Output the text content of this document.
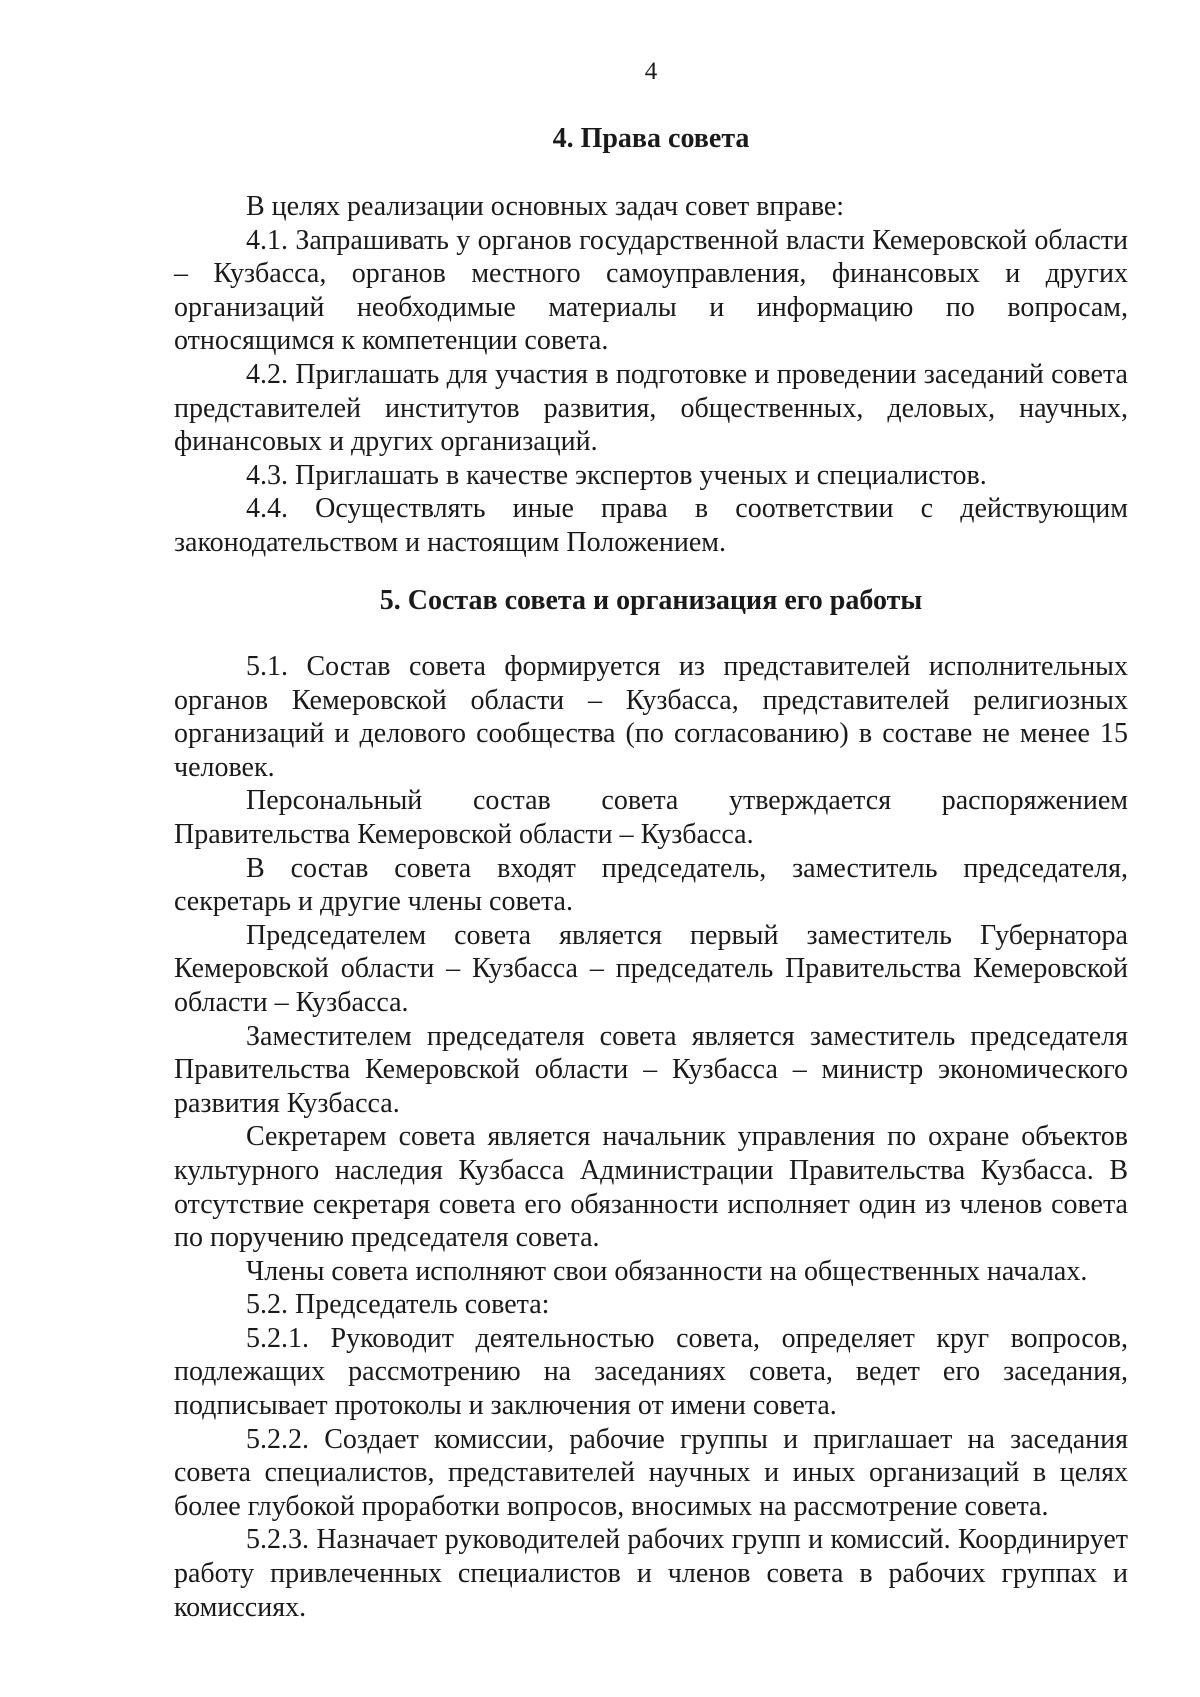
4
4. Права совета

В целях реализации основных задач совет вправе:

4.1. Запрашивать у органов государственной власти Кемеровской области – Кузбасса, органов местного самоуправления, финансовых и других организаций необходимые материалы и информацию по вопросам, относящимся к компетенции совета.

4.2. Приглашать для участия в подготовке и проведении заседаний совета представителей институтов развития, общественных, деловых, научных, финансовых и других организаций.

4.3. Приглашать в качестве экспертов ученых и специалистов.

4.4. Осуществлять иные права в соответствии с действующим законодательством и настоящим Положением.

5. Состав совета и организация его работы

5.1. Состав совета формируется из представителей исполнительных органов Кемеровской области – Кузбасса, представителей религиозных организаций и делового сообщества (по согласованию) в составе не менее 15 человек.

Персональный состав совета утверждается распоряжением Правительства Кемеровской области – Кузбасса.

В состав совета входят председатель, заместитель председателя, секретарь и другие члены совета.

Председателем совета является первый заместитель Губернатора Кемеровской области – Кузбасса – председатель Правительства Кемеровской области – Кузбасса.

Заместителем председателя совета является заместитель председателя Правительства Кемеровской области – Кузбасса – министр экономического развития Кузбасса.

Секретарем совета является начальник управления по охране объектов культурного наследия Кузбасса Администрации Правительства Кузбасса. В отсутствие секретаря совета его обязанности исполняет один из членов совета по поручению председателя совета.

Члены совета исполняют свои обязанности на общественных началах.

5.2. Председатель совета:

5.2.1. Руководит деятельностью совета, определяет круг вопросов, подлежащих рассмотрению на заседаниях совета, ведет его заседания, подписывает протоколы и заключения от имени совета.

5.2.2. Создает комиссии, рабочие группы и приглашает на заседания совета специалистов, представителей научных и иных организаций в целях более глубокой проработки вопросов, вносимых на рассмотрение совета.

5.2.3. Назначает руководителей рабочих групп и комиссий. Координирует работу привлеченных специалистов и членов совета в рабочих группах и комиссиях.
